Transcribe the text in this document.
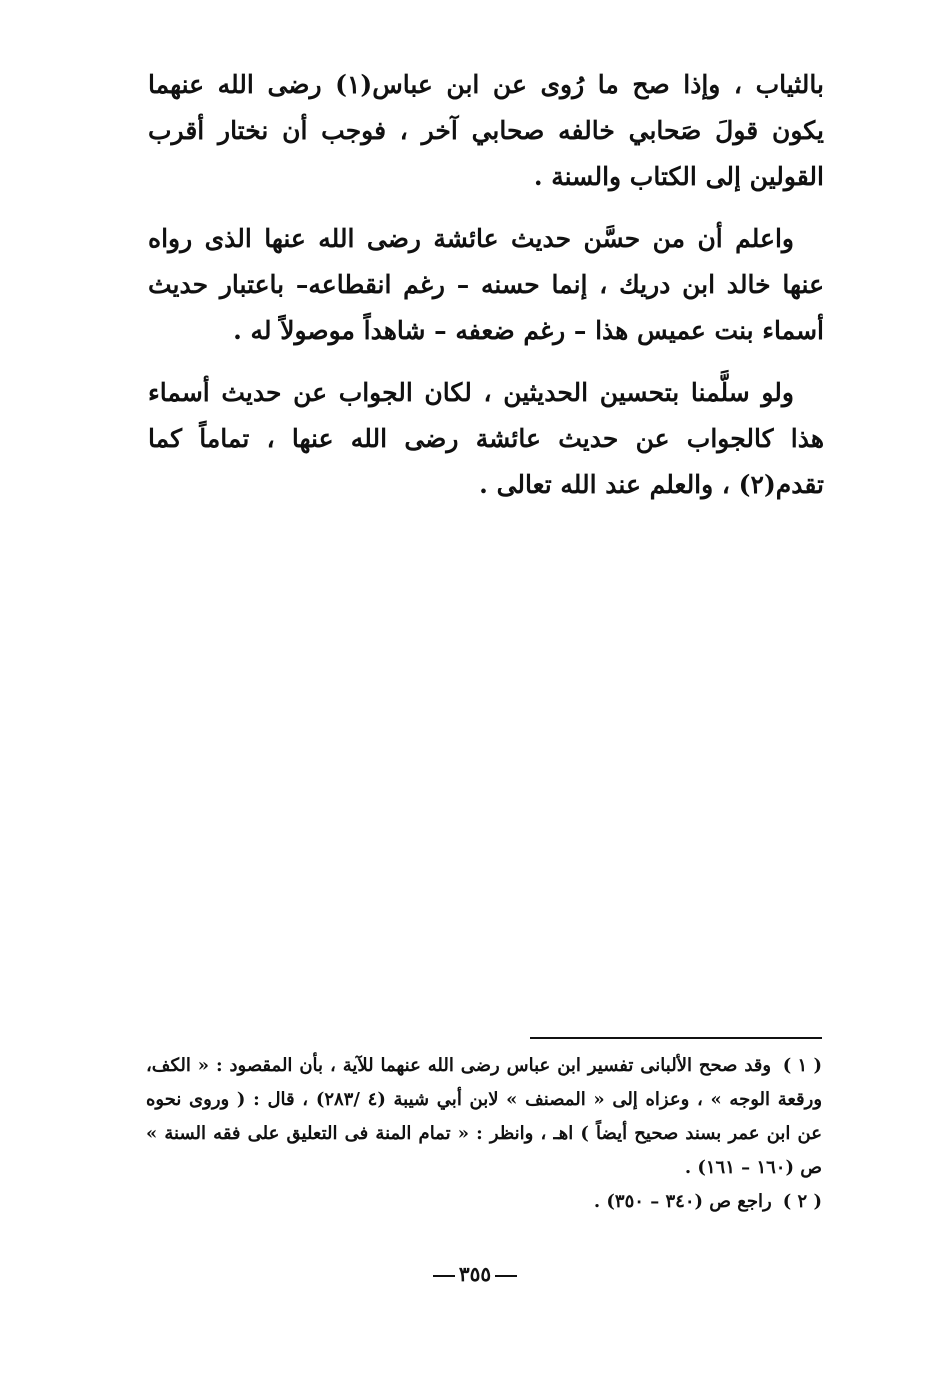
بالثياب ، وإذا صح ما رُوى عن ابن عباس(١) رضى الله عنهما يكون قولَ صَحابي خالفه صحابي آخر ، فوجب أن نختار أقرب القولين إلى الكتاب والسنة .

واعلم أن من حسَّن حديث عائشة رضى الله عنها الذى رواه عنها خالد ابن دريك ، إنما حسنه – رغم انقطاعه– باعتبار حديث أسماء بنت عميس هذا – رغم ضعفه – شاهداً موصولاً له .

ولو سلَّمنا بتحسين الحديثين ، لكان الجواب عن حديث أسماء هذا كالجواب عن حديث عائشة رضى الله عنها ، تماماً كما تقدم(٢) ، والعلم عند الله تعالى .

( ١ ) وقد صحح الألبانى تفسير ابن عباس رضى الله عنهما للآية ، بأن المقصود : « الكف، ورقعة الوجه » ، وعزاه إلى « المصنف » لابن أبي شيبة (٤ /٢٨٣) ، قال : ( وروى نحوه عن ابن عمر بسند صحيح أيضاً ) اهـ ، وانظر : « تمام المنة فى التعليق على فقه السنة » ص (١٦٠ – ١٦١) .

( ٢ ) راجع ص (٣٤٠ – ٣٥٠) .

٣٥٥
